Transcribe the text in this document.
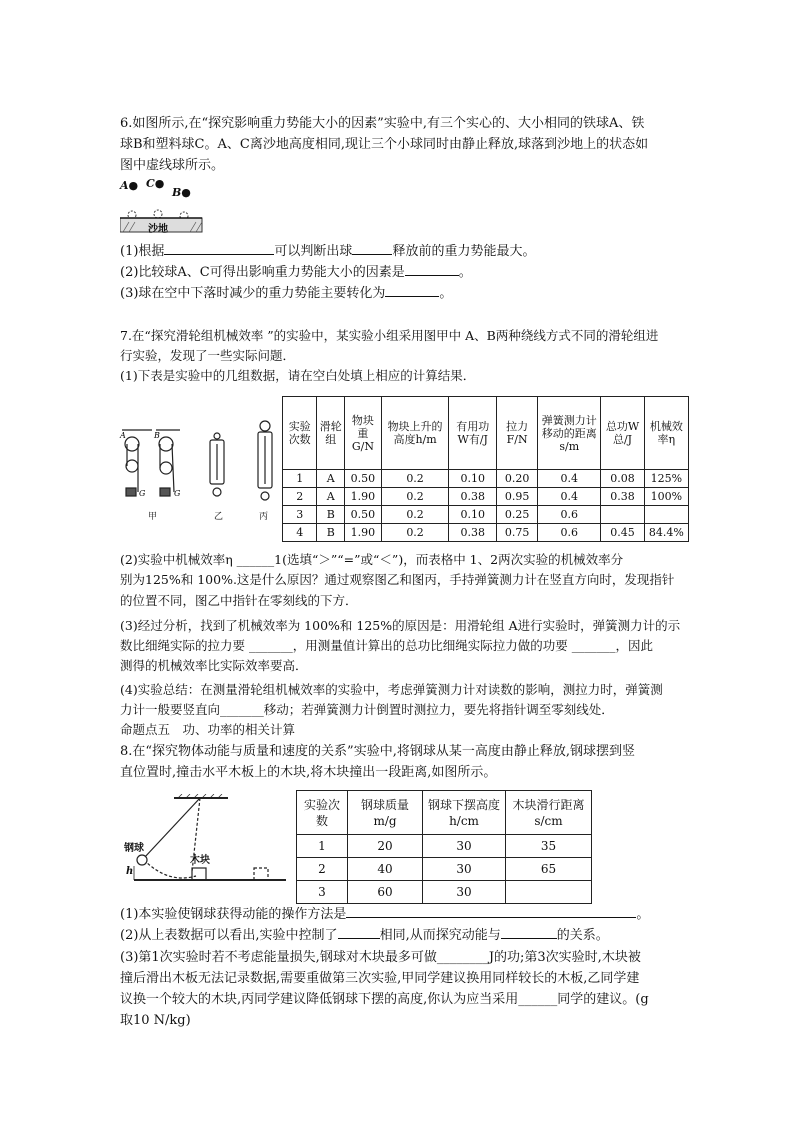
6.如图所示,在“探究影响重力势能大小的因素”实验中,有三个实心的、大小相同的铁球A、铁
球B和塑料球C。A、C离沙地高度相同,现让三个小球同时由静止释放,球落到沙地上的状态如
图中虚线球所示。
A● C●
B●
沙地
(1)根据	可以判断出球	释放前的重力势能最大。
(2)比较球A、C可得出影响重力势能大小的因素是	。
(3)球在空中下落时减少的重力势能主要转化为	。
7.在“探究滑轮组机械效率 ”的实验中，某实验小组采用图甲中 A、B两种绕线方式不同的滑轮组进
行实验，发现了一些实际问题．
(1)下表是实验中的几组数据，请在空白处填上相应的计算结果．
A	B
G	G
甲	乙	丙
实验次数	滑轮组	物块重G/N	物块上升的高度h/m	有用功W有/J	拉力F/N	弹簧测力计移动的距离s/m	总功W总/J	机械效率η
1	A	0.50	0.2	0.10	0.20	0.4	0.08	125%
2	A	1.90	0.2	0.38	0.95	0.4	0.38	100%
3	B	0.50	0.2	0.10	0.25	0.6		
4	B	1.90	0.2	0.38	0.75	0.6	0.45	84.4%
(2)实验中机械效率η ______1(选填“＞”“=”或“＜”)，而表格中 1、2两次实验的机械效率分
别为125%和 100%.这是什么原因？通过观察图乙和图丙，手持弹簧测力计在竖直方向时，发现指针
的位置不同，图乙中指针在零刻线的下方．
(3)经过分析，找到了机械效率为 100%和 125%的原因是：用滑轮组 A进行实验时，弹簧测力计的示
数比细绳实际的拉力要 _______，用测量值计算出的总功比细绳实际拉力做的功要 _______，因此
测得的机械效率比实际效率要高．
(4)实验总结：在测量滑轮组机械效率的实验中，考虑弹簧测力计对读数的影响，测拉力时，弹簧测
力计一般要竖直向_______移动；若弹簧测力计倒置时测拉力，要先将指针调至零刻线处．
命题点五　功、功率的相关计算
8.在“探究物体动能与质量和速度的关系”实验中,将钢球从某一高度由静止释放,钢球摆到竖
直位置时,撞击水平木板上的木块,将木块撞出一段距离,如图所示。
钢球
木块
h
实验次数	钢球质量m/g	钢球下摆高度h/cm	木块滑行距离s/cm
1	20	30	35
2	40	30	65
3	60	30	
(1)本实验使钢球获得动能的操作方法是	。
(2)从上表数据可以看出,实验中控制了	相同,从而探究动能与	的关系。
(3)第1次实验时若不考虑能量损失,钢球对木块最多可做________J的功;第3次实验时,木块被
撞后滑出木板无法记录数据,需要重做第三次实验,甲同学建议换用同样较长的木板,乙同学建
议换一个较大的木块,丙同学建议降低钢球下摆的高度,你认为应当采用______同学的建议。(g
取10 N/kg)
